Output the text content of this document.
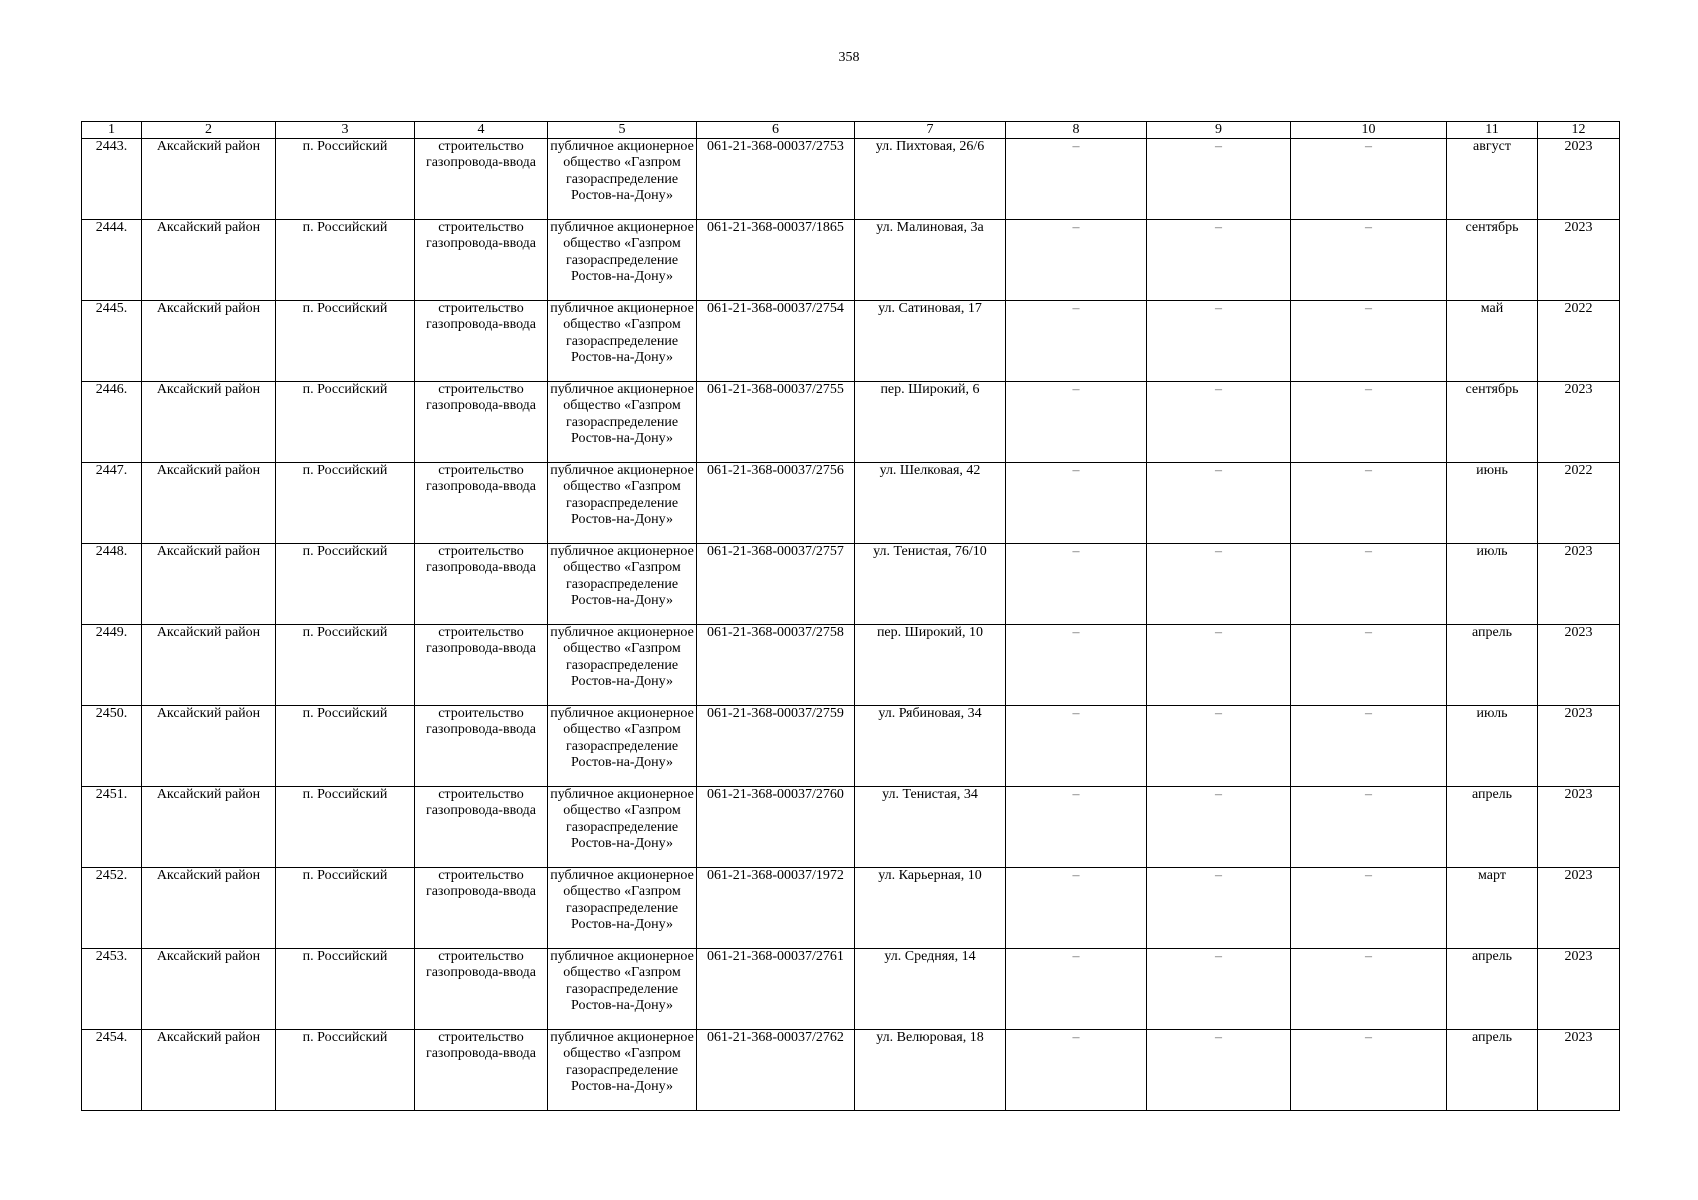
358
1	2	3	4	5	6	7	8	9	10	11	12
2443.	Аксайский район	п. Российский	строительство газопровода-ввода	публичное акционерное общество «Газпром газораспределение Ростов-на-Дону»	061-21-368-00037/2753	ул. Пихтовая, 26/6	–	–	–	август	2023
2444.	Аксайский район	п. Российский	строительство газопровода-ввода	публичное акционерное общество «Газпром газораспределение Ростов-на-Дону»	061-21-368-00037/1865	ул. Малиновая, 3а	–	–	–	сентябрь	2023
2445.	Аксайский район	п. Российский	строительство газопровода-ввода	публичное акционерное общество «Газпром газораспределение Ростов-на-Дону»	061-21-368-00037/2754	ул. Сатиновая, 17	–	–	–	май	2022
2446.	Аксайский район	п. Российский	строительство газопровода-ввода	публичное акционерное общество «Газпром газораспределение Ростов-на-Дону»	061-21-368-00037/2755	пер. Широкий, 6	–	–	–	сентябрь	2023
2447.	Аксайский район	п. Российский	строительство газопровода-ввода	публичное акционерное общество «Газпром газораспределение Ростов-на-Дону»	061-21-368-00037/2756	ул. Шелковая, 42	–	–	–	июнь	2022
2448.	Аксайский район	п. Российский	строительство газопровода-ввода	публичное акционерное общество «Газпром газораспределение Ростов-на-Дону»	061-21-368-00037/2757	ул. Тенистая, 76/10	–	–	–	июль	2023
2449.	Аксайский район	п. Российский	строительство газопровода-ввода	публичное акционерное общество «Газпром газораспределение Ростов-на-Дону»	061-21-368-00037/2758	пер. Широкий, 10	–	–	–	апрель	2023
2450.	Аксайский район	п. Российский	строительство газопровода-ввода	публичное акционерное общество «Газпром газораспределение Ростов-на-Дону»	061-21-368-00037/2759	ул. Рябиновая, 34	–	–	–	июль	2023
2451.	Аксайский район	п. Российский	строительство газопровода-ввода	публичное акционерное общество «Газпром газораспределение Ростов-на-Дону»	061-21-368-00037/2760	ул. Тенистая, 34	–	–	–	апрель	2023
2452.	Аксайский район	п. Российский	строительство газопровода-ввода	публичное акционерное общество «Газпром газораспределение Ростов-на-Дону»	061-21-368-00037/1972	ул. Карьерная, 10	–	–	–	март	2023
2453.	Аксайский район	п. Российский	строительство газопровода-ввода	публичное акционерное общество «Газпром газораспределение Ростов-на-Дону»	061-21-368-00037/2761	ул. Средняя, 14	–	–	–	апрель	2023
2454.	Аксайский район	п. Российский	строительство газопровода-ввода	публичное акционерное общество «Газпром газораспределение Ростов-на-Дону»	061-21-368-00037/2762	ул. Велюровая, 18	–	–	–	апрель	2023
